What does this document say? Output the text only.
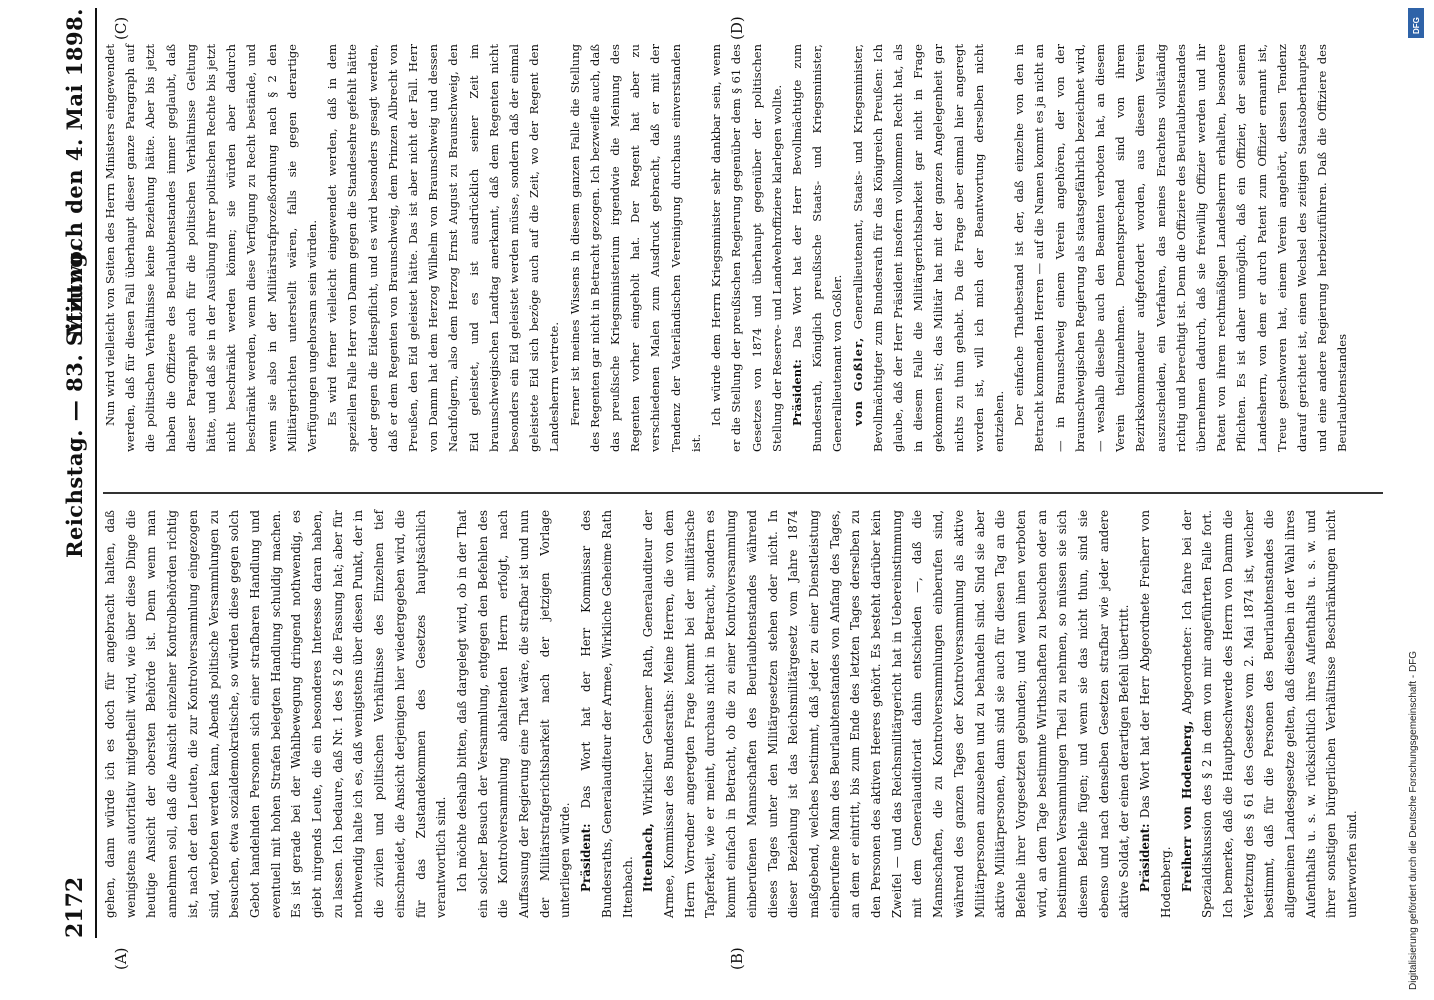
2172
Reichstag. — 83. Sitzung.
Mittwoch den 4. Mai 1898.
(A)	(B)
(C)	(D)

gehen, dann würde ich es doch für angebracht halten, daß wenigstens autoritativ mitgetheilt wird, wie über diese Dinge die heutige Ansicht der obersten Behörde ist. Denn wenn man annehmen soll, daß die Ansicht einzelner Kontrolbehörden richtig ist, nach der den Leuten, die zur Kontrolversammlung eingezogen sind, verboten werden kann, Abends politische Versammlungen zu besuchen, etwa sozialdemokratische, so würden diese gegen solch Gebot handelnden Personen sich einer strafbaren Handlung und eventuell mit hohen Strafen belegten Handlung schuldig machen. Es ist gerade bei der Wahlbewegung dringend nothwendig, es giebt nirgends Leute, die ein besonderes Interesse daran haben, zu lassen. Ich bedaure, daß Nr. 1 des § 2 die Fassung hat; aber für nothwendig halte ich es, daß wenigstens über diesen Punkt, der in die zivilen und politischen Verhältnisse des Einzelnen tief einschneidet, die Ansicht derjenigen hier wiedergegeben wird, die für das Zustandekommen des Gesetzes hauptsächlich verantwortlich sind. Ich möchte deshalb bitten, daß dargelegt wird, ob in der That ein solcher Besuch der Versammlung, entgegen den Befehlen des die Kontrolversammlung abhaltenden Herrn erfolgt, nach Auffassung der Regierung eine That wäre, die strafbar ist und nun der Militärstrafgerichtsbarkeit nach der jetzigen Vorlage unterliegen würde. Präsident: Das Wort hat der Herr Kommissar des Bundesraths, Generalauditeur der Armee, Wirkliche Geheime Rath Ittenbach. Ittenbach, Wirklicher Geheimer Rath, Generalauditeur der Armee, Kommissar des Bundesraths: Meine Herren, die von dem Herrn Vorredner angeregten Frage kommt bei der militärische Tapferkeit, wie er meint, durchaus nicht in Betracht, sondern es kommt einfach in Betracht, ob die zu einer Kontrolversammlung einberufenen Mannschaften des Beurlaubtenstandes während dieses Tages unter den Militärgesetzen stehen oder nicht. In dieser Beziehung ist das Reichsmilitärgesetz vom Jahre 1874 maßgebend, welches bestimmt, daß jeder zu einer Dienstleistung einberufene Mann des Beurlaubtenstandes von Anfang des Tages, an dem er eintritt, bis zum Ende des letzten Tages derselben zu den Personen des aktiven Heeres gehört. Es besteht darüber kein Zweifel — und das Reichsmilitärgericht hat in Uebereinstimmung mit dem Generalauditoriat dahin entschieden —, daß die Mannschaften, die zu Kontrolversammlungen einberufen sind, während des ganzen Tages der Kontrolversammlung als aktive Militärpersonen anzusehen und zu behandeln sind. Sind sie aber aktive Militärpersonen, dann sind sie auch für diesen Tag an die Befehle ihrer Vorgesetzten gebunden; und wenn ihnen verboten wird, an dem Tage bestimmte Wirthschaften zu besuchen oder an bestimmten Versammlungen Theil zu nehmen, so müssen sie sich diesem Befehle fügen; und wenn sie das nicht thun, sind sie ebenso und nach denselben Gesetzen strafbar wie jeder andere aktive Soldat, der einen derartigen Befehl übertritt. Präsident: Das Wort hat der Herr Abgeordnete Freiherr von Hodenberg. Freiherr von Hodenberg, Abgeordneter: Ich fahre bei der Spezialdiskussion des § 2 in dem von mir angeführten Falle fort. Ich bemerke, daß die Hauptbeschwerde des Herrn von Damm die Verletzung des § 61 des Gesetzes vom 2. Mai 1874 ist, welcher bestimmt, daß für die Personen des Beurlaubtenstandes die allgemeinen Landesgesetze gelten, daß dieselben in der Wahl ihres Aufenthalts u. s. w. rücksichtlich ihres Aufenthalts u. s. w. und ihrer sonstigen bürgerlichen Verhältnisse Beschränkungen nicht unterworfen sind.

Nun wird vielleicht von Seiten des Herrn Ministers eingewendet werden, daß für diesen Fall überhaupt dieser ganze Paragraph auf die politischen Verhältnisse keine Beziehung hätte. Aber bis jetzt haben die Offiziere des Beurlaubtenstandes immer geglaubt, daß dieser Paragraph auch für die politischen Verhältnisse Geltung hätte, und daß sie in der Ausübung ihrer politischen Rechte bis jetzt nicht beschränkt werden können; sie würden aber dadurch beschränkt werden, wenn diese Verfügung zu Recht bestände, und wenn sie also in der Militärstrafprozeßordnung nach § 2 den Militärgerichten unterstellt wären, falls sie gegen derartige Verfügungen ungehorsam sein würden. Es wird ferner vielleicht eingewendet werden, daß in dem speziellen Falle Herr von Damm gegen die Standesehre gefehlt hätte oder gegen die Eidespflicht, und es wird besonders gesagt werden, daß er dem Regenten von Braunschweig, dem Prinzen Albrecht von Preußen, den Eid geleistet hätte. Das ist aber nicht der Fall. Herr von Damm hat dem Herzog Wilhelm von Braunschweig und dessen Nachfolgern, also dem Herzog Ernst August zu Braunschweig, den Eid geleistet, und es ist ausdrücklich seiner Zeit im braunschweigischen Landtag anerkannt, daß dem Regenten nicht besonders ein Eid geleistet werden müsse, sondern daß der einmal geleistete Eid sich bezöge auch auf die Zeit, wo der Regent den Landesherrn vertrete. Ferner ist meines Wissens in diesem ganzen Falle die Stellung des Regenten gar nicht in Betracht gezogen. Ich bezweifle auch, daß das preußische Kriegsministerium irgendwie die Meinung des Regenten vorher eingeholt hat. Der Regent hat aber zu verschiedenen Malen zum Ausdruck gebracht, daß er mit der Tendenz der Vaterländischen Vereinigung durchaus einverstanden ist.

Ich würde dem Herrn Kriegsminister sehr dankbar sein, wenn er die Stellung der preußischen Regierung gegenüber dem § 61 des Gesetzes von 1874 und überhaupt gegenüber der politischen Stellung der Reserve- und Landwehroffiziere klarlegen wollte. Präsident: Das Wort hat der Herr Bevollmächtigte zum Bundesrath, Königlich preußische Staats- und Kriegsminister, Generallieutenant von Goßler. von Goßler, Generallieutenant, Staats- und Kriegsminister, Bevollmächtigter zum Bundesrath für das Königreich Preußen: Ich glaube, daß der Herr Präsident insofern vollkommen Recht hat, als in diesem Falle die Militärgerichtsbarkeit gar nicht in Frage gekommen ist; das Militär hat mit der ganzen Angelegenheit gar nichts zu thun gehabt. Da die Frage aber einmal hier angeregt worden ist, will ich mich der Beantwortung derselben nicht entziehen. Der einfache Thatbestand ist der, daß einzelne von den in Betracht kommenden Herren — auf die Namen kommt es ja nicht an — in Braunschweig einem Verein angehören, der von der braunschweigischen Regierung als staatsgefährlich bezeichnet wird, — weshalb dieselbe auch den Beamten verboten hat, an diesem Verein theilzunehmen. Dementsprechend sind von ihrem Bezirkskommandeur aufgefordert worden, aus diesem Verein auszuscheiden, ein Verfahren, das meines Erachtens vollständig richtig und berechtigt ist. Denn die Offiziere des Beurlaubtenstandes übernehmen dadurch, daß sie freiwillig Offizier werden und ihr Patent von ihrem rechtmäßigen Landesherrn erhalten, besondere Pflichten. Es ist daher unmöglich, daß ein Offizier, der seinem Landesherrn, von dem er durch Patent zum Offizier ernannt ist, Treue geschworen hat, einem Verein angehört, dessen Tendenz darauf gerichtet ist, einen Wechsel des zeitigen Staatsoberhauptes und eine andere Regierung herbeizuführen. Daß die Offiziere des Beurlaubtenstandes

DFG
Digitalisierung gefördert durch die Deutsche Forschungsgemeinschaft - DFG
